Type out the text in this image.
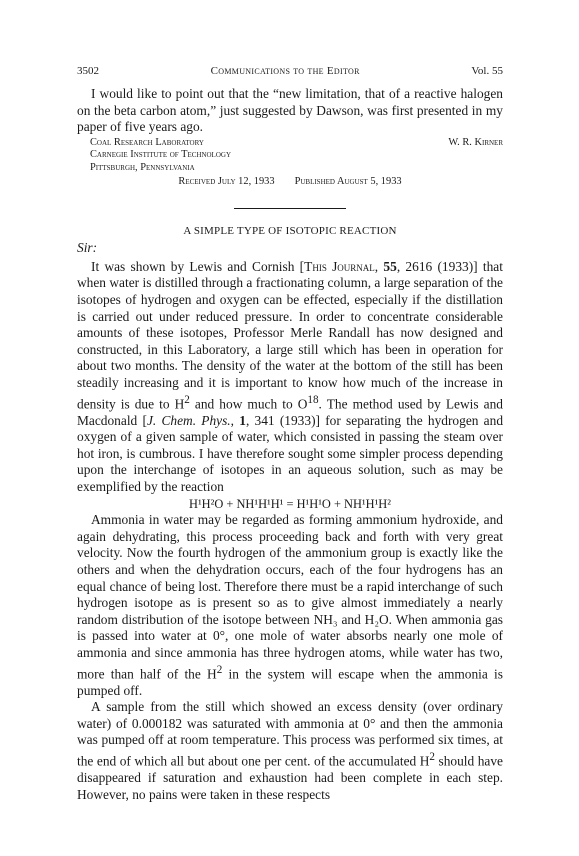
3502	Communications to the Editor	Vol. 55

I would like to point out that the “new limitation, that of a reactive halogen on the beta carbon atom,” just suggested by Dawson, was first presented in my paper of five years ago.

Coal Research Laboratory	W. R. Kirner
Carnegie Institute of Technology
Pittsburgh, Pennsylvania
Received July 12, 1933 Published August 5, 1933
A SIMPLE TYPE OF ISOTOPIC REACTION
Sir:

It was shown by Lewis and Cornish [This Journal, 55, 2616 (1933)] that when water is distilled through a fractionating column, a large separation of the isotopes of hydrogen and oxygen can be effected, especially if the distillation is carried out under reduced pressure. In order to concentrate considerable amounts of these isotopes, Professor Merle Randall has now designed and constructed, in this Laboratory, a large still which has been in operation for about two months. The density of the water at the bottom of the still has been steadily increasing and it is important to know how much of the increase in density is due to $H^2$ and how much to $O^{18}$. The method used by Lewis and Macdonald [J. Chem. Phys., 1, 341 (1933)] for separating the hydrogen and oxygen of a given sample of water, which consisted in passing the steam over hot iron, is cumbrous. I have therefore sought some simpler process depending upon the interchange of isotopes in an aqueous solution, such as may be exemplified by the reaction

H¹H²O + NH¹H¹H¹ = H¹H¹O + NH¹H¹H²

Ammonia in water may be regarded as forming ammonium hydroxide, and again dehydrating, this process proceeding back and forth with very great velocity. Now the fourth hydrogen of the ammonium group is exactly like the others and when the dehydration occurs, each of the four hydrogens has an equal chance of being lost. Therefore there must be a rapid interchange of such hydrogen isotope as is present so as to give almost immediately a nearly random distribution of the isotope between NH₃ and H₂O. When ammonia gas is passed into water at 0°, one mole of water absorbs nearly one mole of ammonia and since ammonia has three hydrogen atoms, while water has two, more than half of the $H^2$ in the system will escape when the ammonia is pumped off.

A sample from the still which showed an excess density (over ordinary water) of 0.000182 was saturated with ammonia at 0° and then the ammonia was pumped off at room temperature. This process was performed six times, at the end of which all but about one per cent. of the accumulated $H^2$ should have disappeared if saturation and exhaustion had been complete in each step. However, no pains were taken in these respects
